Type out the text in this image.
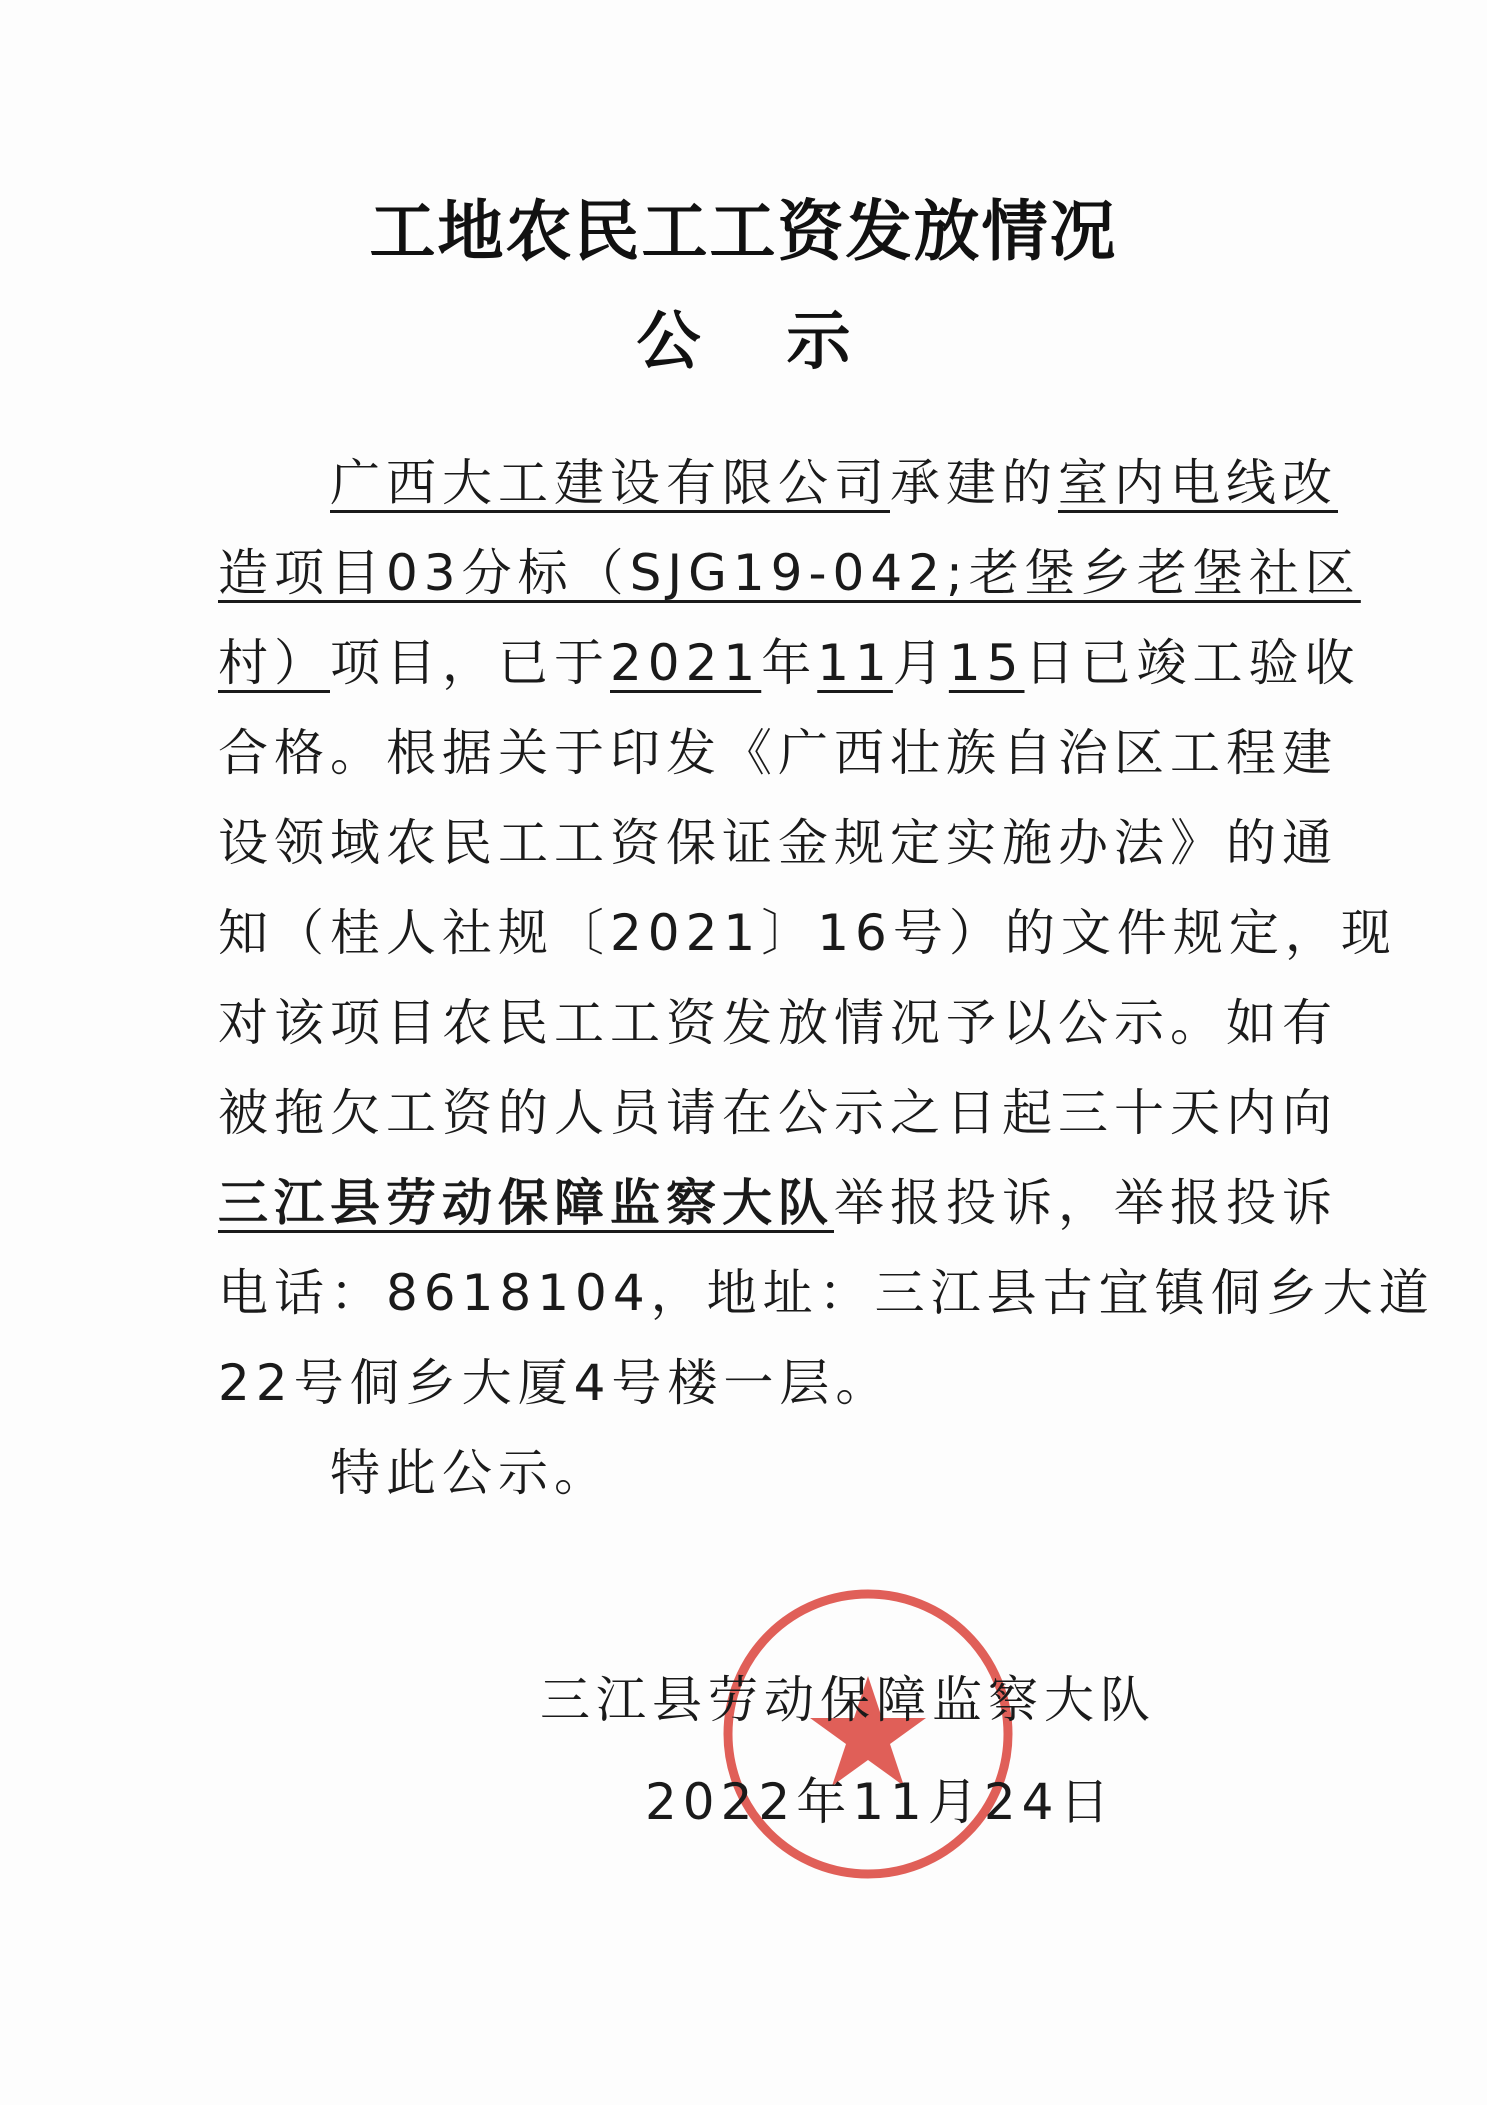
工地农民工工资发放情况
公示
广西大工建设有限公司承建的室内电线改
造项目03分标（SJG19-042;老堡乡老堡社区
村）项目，已于2021年11月15日已竣工验收
合格。根据关于印发《广西壮族自治区工程建
设领域农民工工资保证金规定实施办法》的通
知（桂人社规〔2021〕16号）的文件规定，现
对该项目农民工工资发放情况予以公示。如有
被拖欠工资的人员请在公示之日起三十天内向
三江县劳动保障监察大队举报投诉，举报投诉
电话：8618104，地址：三江县古宜镇侗乡大道
22号侗乡大厦4号楼一层。
特此公示。
三江县劳动保障监察大队
2022年11月24日
